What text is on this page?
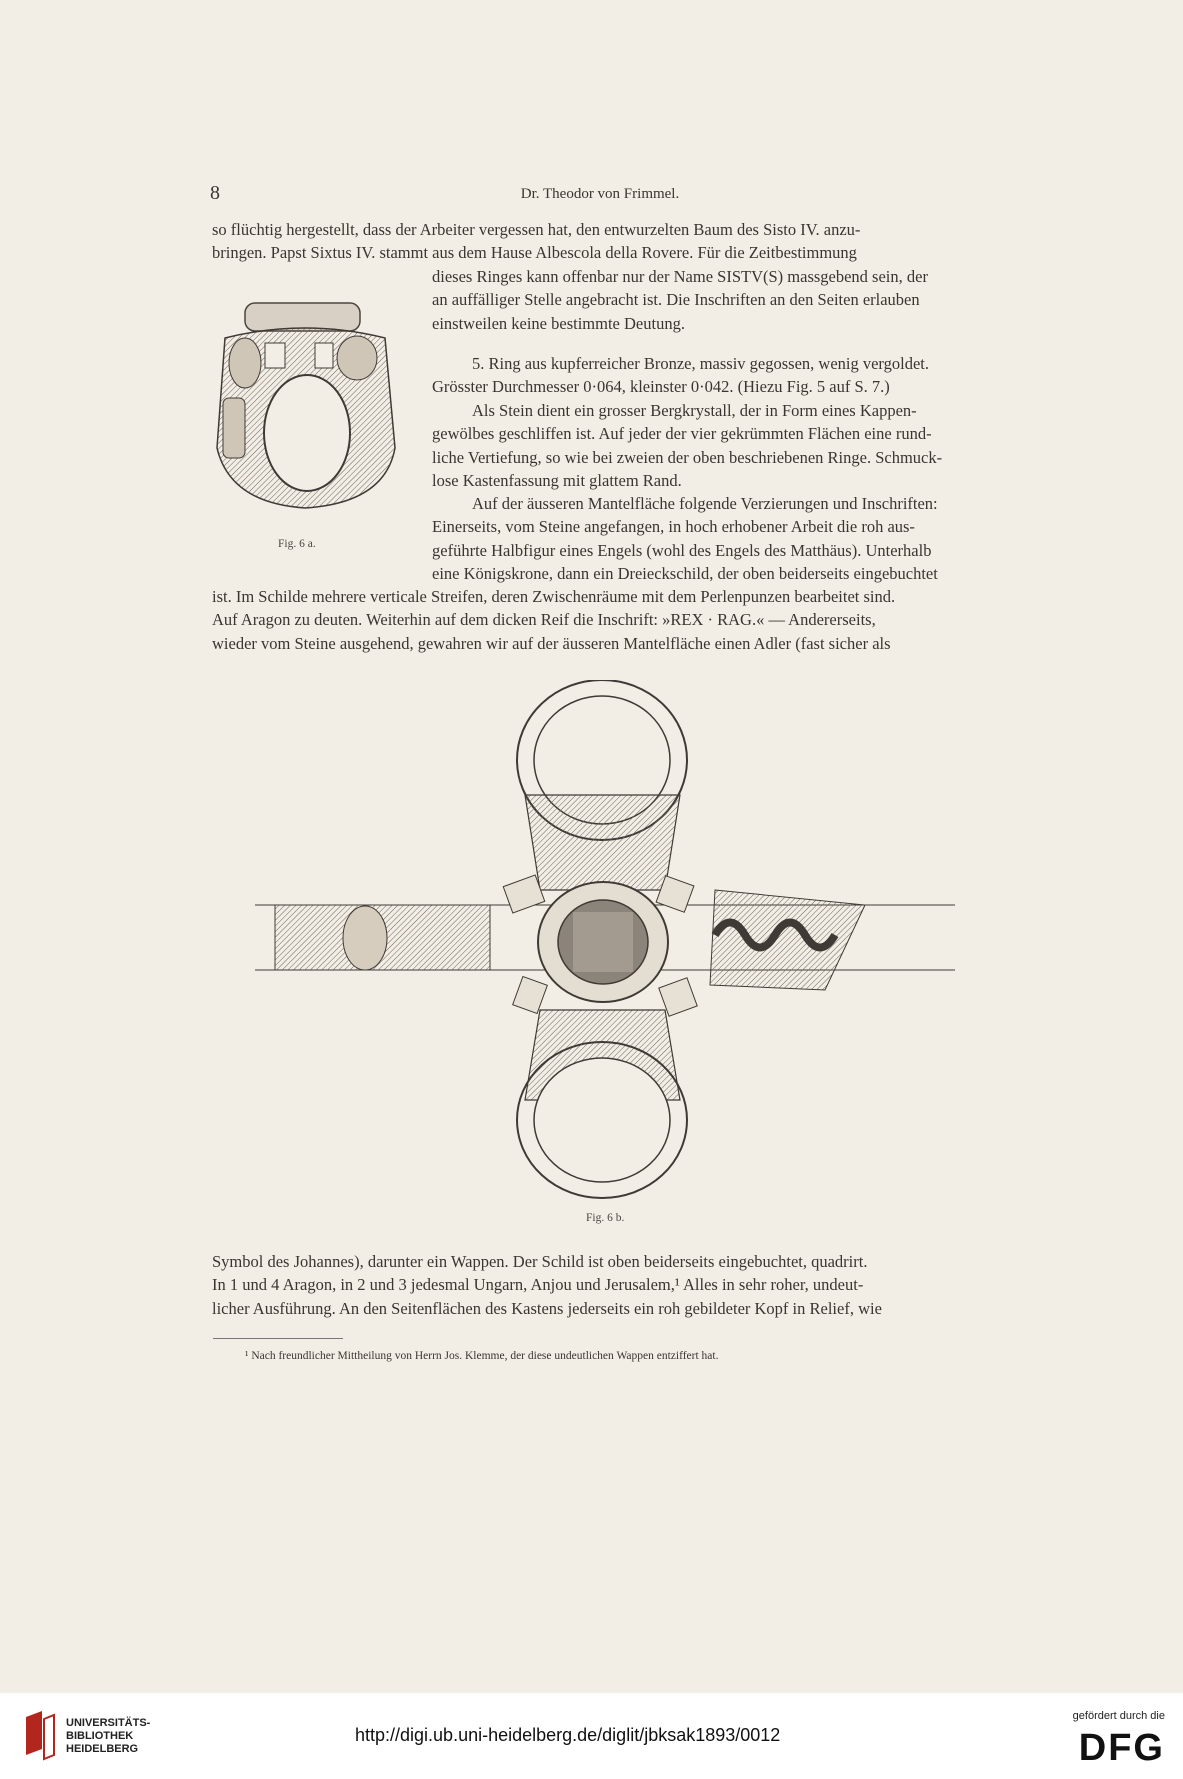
8	Dr. Theodor von Frimmel.

so flüchtig hergestellt, dass der Arbeiter vergessen hat, den entwurzelten Baum des Sisto IV. anzu-

bringen. Papst Sixtus IV. stammt aus dem Hause Albescola della Rovere. Für die Zeitbestimmung

dieses Ringes kann offenbar nur der Name SISTV(S) massgebend sein, der

an auffälliger Stelle angebracht ist. Die Inschriften an den Seiten erlauben

einstweilen keine bestimmte Deutung.

5. Ring aus kupferreicher Bronze, massiv gegossen, wenig vergoldet.

Grösster Durchmesser 0·064, kleinster 0·042. (Hiezu Fig. 5 auf S. 7.)

Als Stein dient ein grosser Bergkrystall, der in Form eines Kappen-

gewölbes geschliffen ist. Auf jeder der vier gekrümmten Flächen eine rund-

liche Vertiefung, so wie bei zweien der oben beschriebenen Ringe. Schmuck-

lose Kastenfassung mit glattem Rand.

Auf der äusseren Mantelfläche folgende Verzierungen und Inschriften:

Einerseits, vom Steine angefangen, in hoch erhobener Arbeit die roh aus-

geführte Halbfigur eines Engels (wohl des Engels des Matthäus). Unterhalb

eine Königskrone, dann ein Dreieckschild, der oben beiderseits eingebuchtet

ist. Im Schilde mehrere verticale Streifen, deren Zwischenräume mit dem Perlenpunzen bearbeitet sind.

Auf Aragon zu deuten. Weiterhin auf dem dicken Reif die Inschrift: »REX · RAG.« — Andererseits,

wieder vom Steine ausgehend, gewahren wir auf der äusseren Mantelfläche einen Adler (fast sicher als

Fig. 6 a.
Fig. 6 b.

Symbol des Johannes), darunter ein Wappen. Der Schild ist oben beiderseits eingebuchtet, quadrirt.

In 1 und 4 Aragon, in 2 und 3 jedesmal Ungarn, Anjou und Jerusalem,¹ Alles in sehr roher, undeut-

licher Ausführung. An den Seitenflächen des Kastens jederseits ein roh gebildeter Kopf in Relief, wie

¹ Nach freundlicher Mittheilung von Herrn Jos. Klemme, der diese undeutlichen Wappen entziffert hat.
UNIVERSITÄTS-
BIBLIOTHEK
HEIDELBERG
http://digi.ub.uni-heidelberg.de/diglit/jbksak1893/0012
gefördert durch die
DFG
